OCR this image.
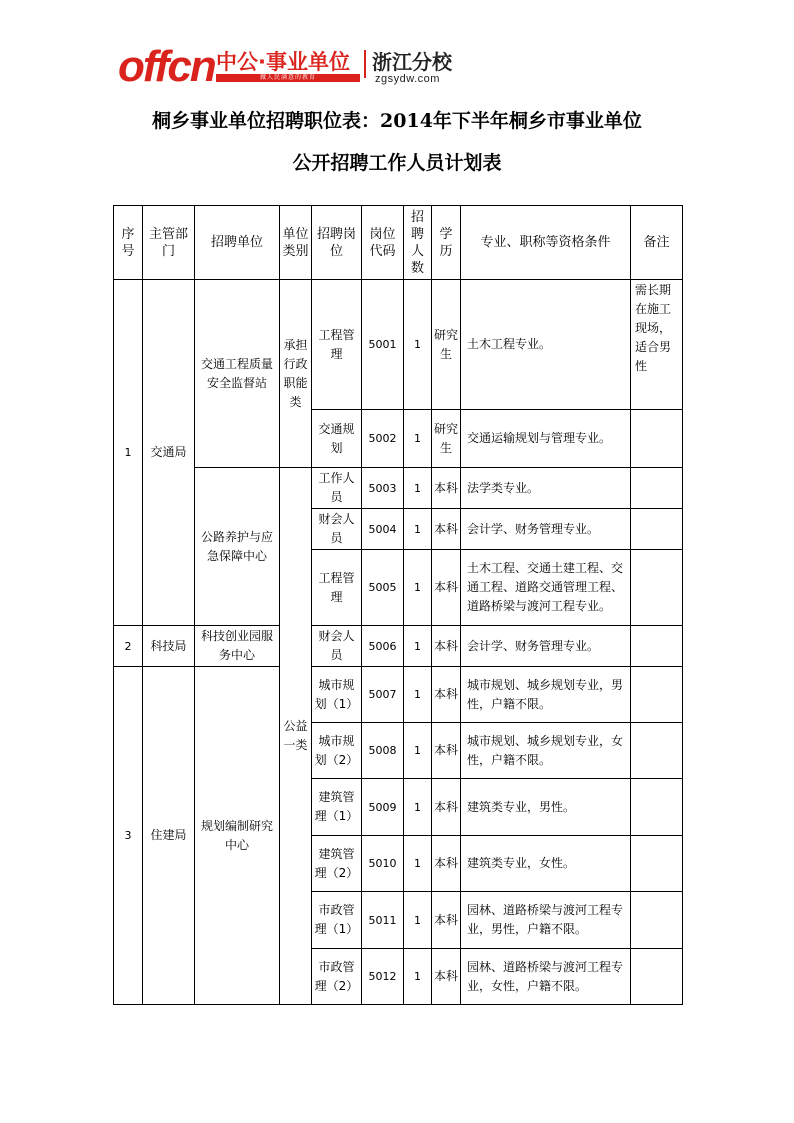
offcn 中公·事业单位
做人民满意的教育
浙江分校
zgsydw.com
桐乡事业单位招聘职位表：2014年下半年桐乡市事业单位
公开招聘工作人员计划表
序号	主管部门	招聘单位	单位类别	招聘岗位	岗位代码	招聘人数	学历	专业、职称等资格条件	备注
1	交通局	交通工程质量安全监督站	承担行政职能类	工程管理	5001	1	研究生	土木工程专业。	需长期在施工现场，适合男性
				交通规划	5002	1	研究生	交通运输规划与管理专业。	
		公路养护与应急保障中心	公益一类	工作人员	5003	1	本科	法学类专业。	
				财会人员	5004	1	本科	会计学、财务管理专业。	
				工程管理	5005	1	本科	土木工程、交通土建工程、交通工程、道路交通管理工程、道路桥梁与渡河工程专业。	
2	科技局	科技创业园服务中心		财会人员	5006	1	本科	会计学、财务管理专业。	
3	住建局	规划编制研究中心		城市规划（1）	5007	1	本科	城市规划、城乡规划专业，男性，户籍不限。	
				城市规划（2）	5008	1	本科	城市规划、城乡规划专业，女性，户籍不限。	
				建筑管理（1）	5009	1	本科	建筑类专业，男性。	
				建筑管理（2）	5010	1	本科	建筑类专业，女性。	
				市政管理（1）	5011	1	本科	园林、道路桥梁与渡河工程专业，男性，户籍不限。	
				市政管理（2）	5012	1	本科	园林、道路桥梁与渡河工程专业，女性，户籍不限。	
